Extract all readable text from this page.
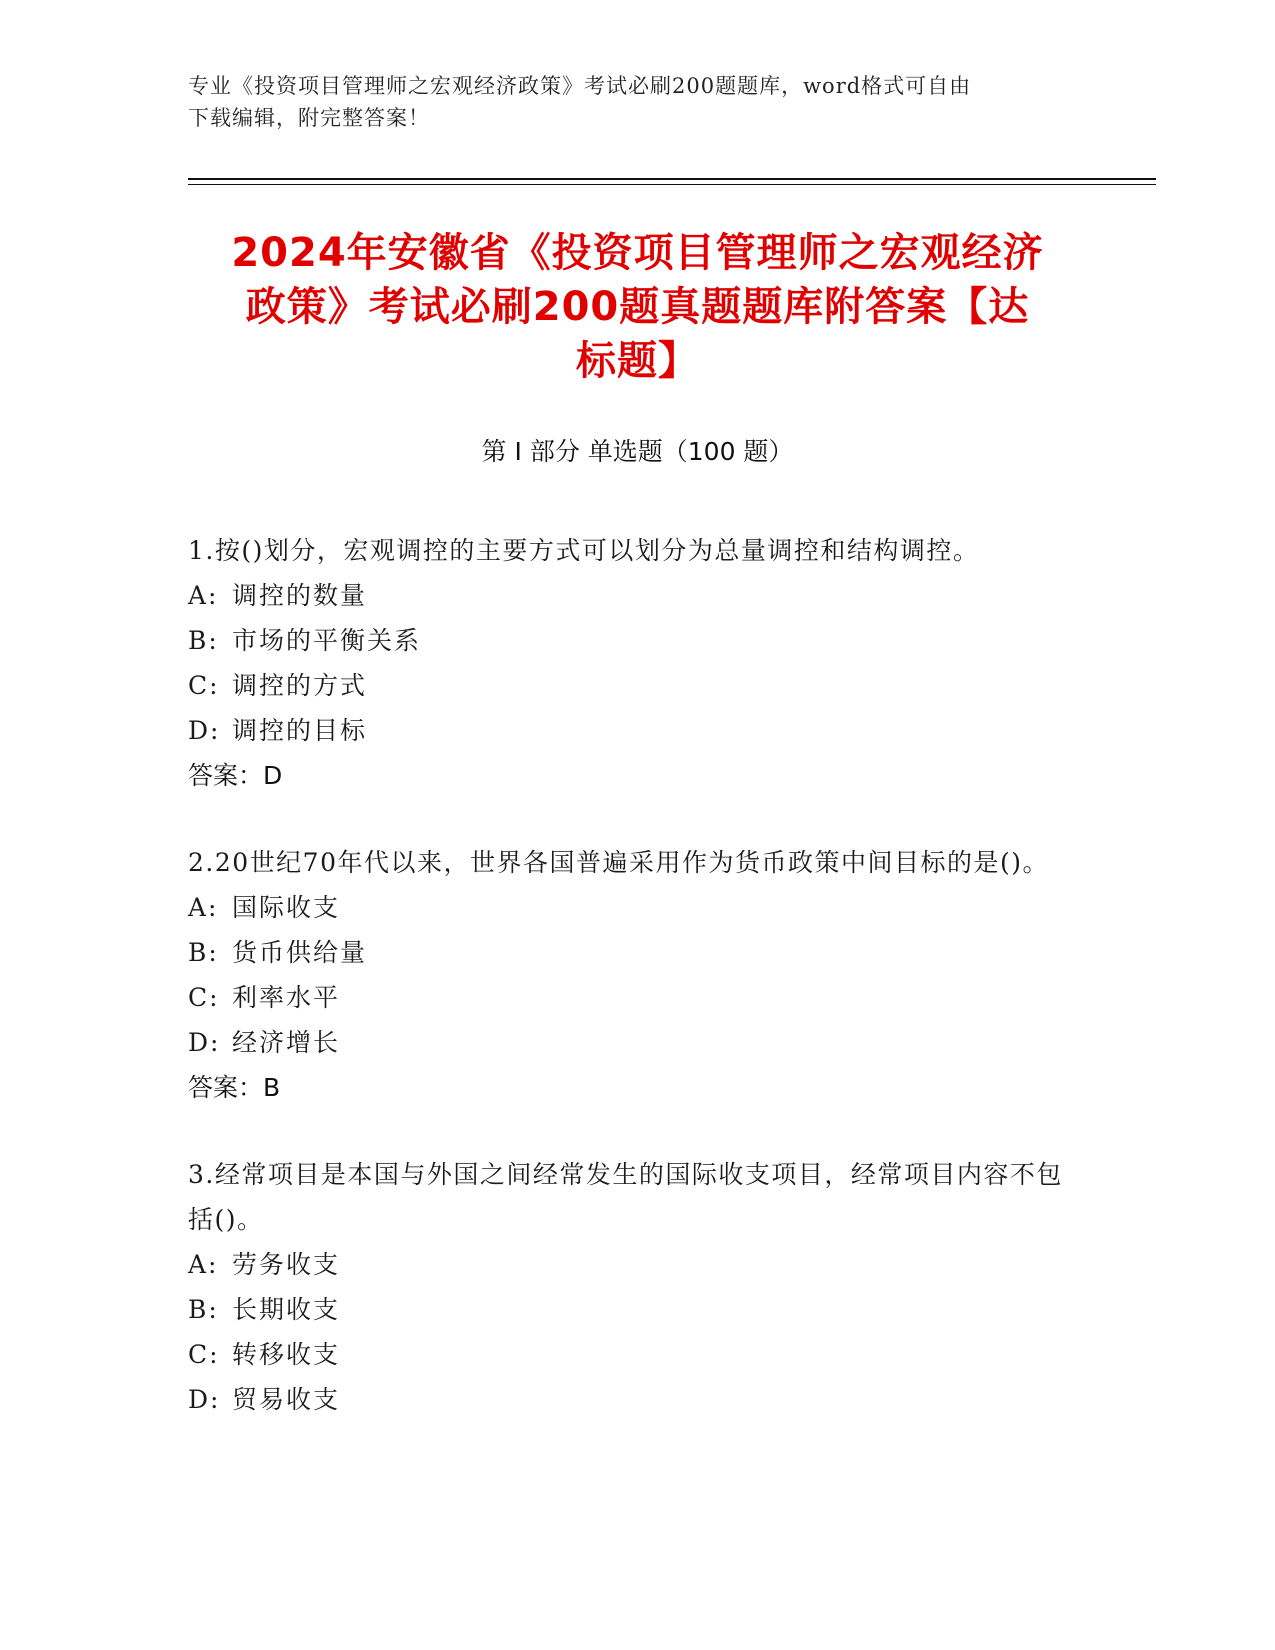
专业《投资项目管理师之宏观经济政策》考试必刷200题题库，word格式可自由
下载编辑，附完整答案！
2024年安徽省《投资项目管理师之宏观经济
政策》考试必刷200题真题题库附答案【达
标题】
第 I 部分 单选题（100 题）
1.按()划分，宏观调控的主要方式可以划分为总量调控和结构调控。
A: 调控的数量
B: 市场的平衡关系
C: 调控的方式
D: 调控的目标
答案：D
2.20世纪70年代以来，世界各国普遍采用作为货币政策中间目标的是()。
A: 国际收支
B: 货币供给量
C: 利率水平
D: 经济增长
答案：B
3.经常项目是本国与外国之间经常发生的国际收支项目，经常项目内容不包括()。
A: 劳务收支
B: 长期收支
C: 转移收支
D: 贸易收支
